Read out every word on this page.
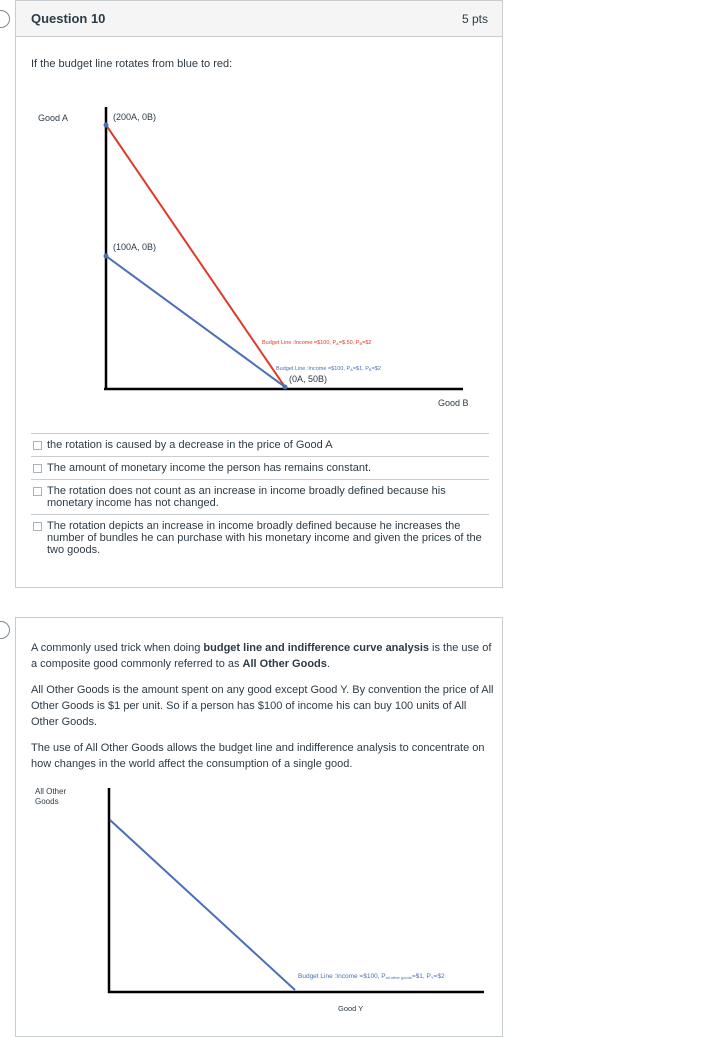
Question 10	5 pts
If the budget line rotates from blue to red:
Good A	(200A, 0B)
(100A, 0B)
Budget Line :Income =$100, PA=$.50, PB=$2
Budget Line :Income =$100, PA=$1, PB=$2
(0A, 50B)
Good B
the rotation is caused by a decrease in the price of Good A
The amount of monetary income the person has remains constant.
The rotation does not count as an increase in income broadly defined because his monetary income has not changed.
The rotation depicts an increase in income broadly defined because he increases the number of bundles he can purchase with his monetary income and given the prices of the two goods.

A commonly used trick when doing budget line and indifference curve analysis is the use of a composite good commonly referred to as All Other Goods.

All Other Goods is the amount spent on any good except Good Y. By convention the price of All Other Goods is $1 per unit. So if a person has $100 of income his can buy 100 units of All Other Goods.

The use of All Other Goods allows the budget line and indifference analysis to concentrate on how changes in the world affect the consumption of a single good.

All Other
Goods
Budget Line :Income =$100, Pall other goods=$1, PY=$2
Good Y
